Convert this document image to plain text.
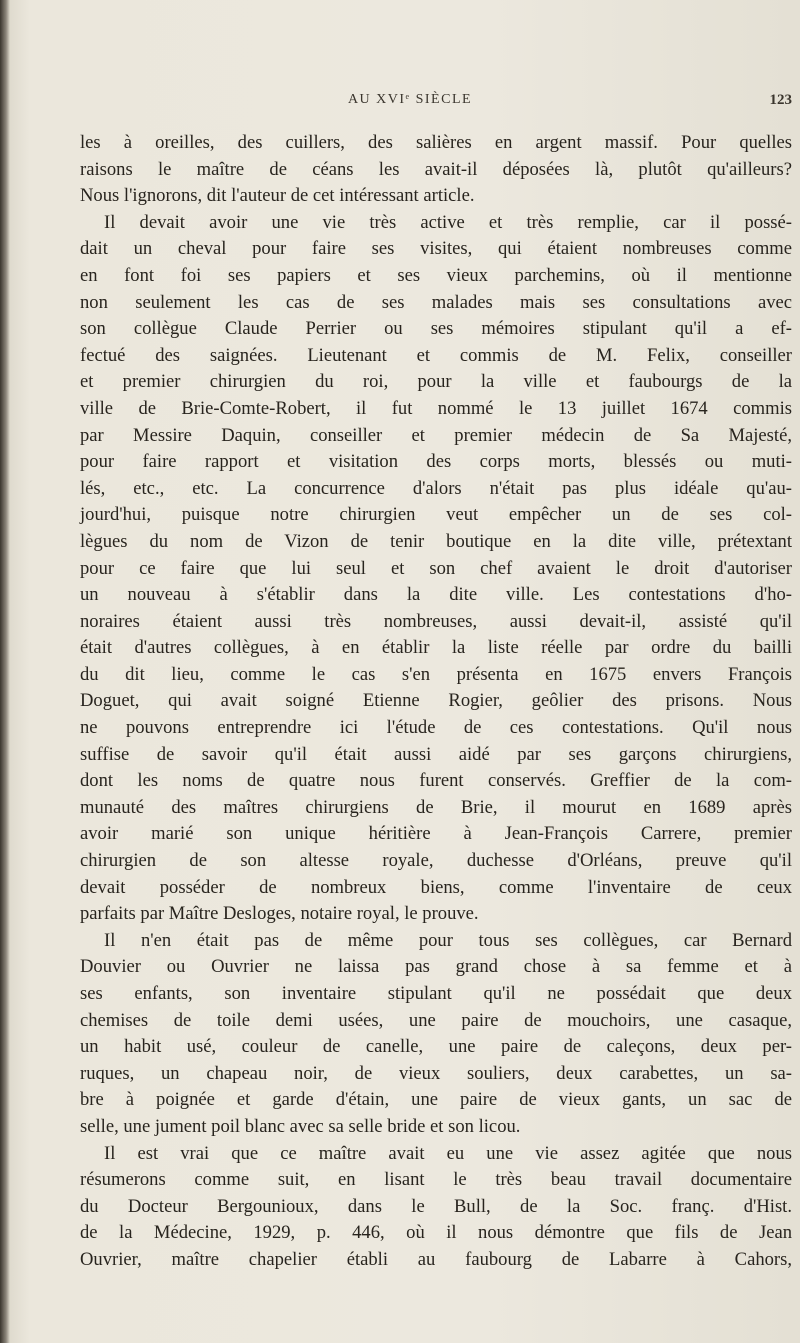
AU XVIe SIÈCLE	123
les à oreilles, des cuillers, des salières en argent massif. Pour quelles
raisons le maître de céans les avait-il déposées là, plutôt qu'ailleurs?
Nous l'ignorons, dit l'auteur de cet intéressant article.
Il devait avoir une vie très active et très remplie, car il possé-
dait un cheval pour faire ses visites, qui étaient nombreuses comme
en font foi ses papiers et ses vieux parchemins, où il mentionne
non seulement les cas de ses malades mais ses consultations avec
son collègue Claude Perrier ou ses mémoires stipulant qu'il a ef-
fectué des saignées. Lieutenant et commis de M. Felix, conseiller
et premier chirurgien du roi, pour la ville et faubourgs de la
ville de Brie-Comte-Robert, il fut nommé le 13 juillet 1674 commis
par Messire Daquin, conseiller et premier médecin de Sa Majesté,
pour faire rapport et visitation des corps morts, blessés ou muti-
lés, etc., etc. La concurrence d'alors n'était pas plus idéale qu'au-
jourd'hui, puisque notre chirurgien veut empêcher un de ses col-
lègues du nom de Vizon de tenir boutique en la dite ville, prétextant
pour ce faire que lui seul et son chef avaient le droit d'autoriser
un nouveau à s'établir dans la dite ville. Les contestations d'ho-
noraires étaient aussi très nombreuses, aussi devait-il, assisté qu'il
était d'autres collègues, à en établir la liste réelle par ordre du bailli
du dit lieu, comme le cas s'en présenta en 1675 envers François
Doguet, qui avait soigné Etienne Rogier, geôlier des prisons. Nous
ne pouvons entreprendre ici l'étude de ces contestations. Qu'il nous
suffise de savoir qu'il était aussi aidé par ses garçons chirurgiens,
dont les noms de quatre nous furent conservés. Greffier de la com-
munauté des maîtres chirurgiens de Brie, il mourut en 1689 après
avoir marié son unique héritière à Jean-François Carrere, premier
chirurgien de son altesse royale, duchesse d'Orléans, preuve qu'il
devait posséder de nombreux biens, comme l'inventaire de ceux
parfaits par Maître Desloges, notaire royal, le prouve.
Il n'en était pas de même pour tous ses collègues, car Bernard
Douvier ou Ouvrier ne laissa pas grand chose à sa femme et à
ses enfants, son inventaire stipulant qu'il ne possédait que deux
chemises de toile demi usées, une paire de mouchoirs, une casaque,
un habit usé, couleur de canelle, une paire de caleçons, deux per-
ruques, un chapeau noir, de vieux souliers, deux carabettes, un sa-
bre à poignée et garde d'étain, une paire de vieux gants, un sac de
selle, une jument poil blanc avec sa selle bride et son licou.
Il est vrai que ce maître avait eu une vie assez agitée que nous
résumerons comme suit, en lisant le très beau travail documentaire
du Docteur Bergounioux, dans le Bull, de la Soc. franç. d'Hist.
de la Médecine, 1929, p. 446, où il nous démontre que fils de Jean
Ouvrier, maître chapelier établi au faubourg de Labarre à Cahors,
